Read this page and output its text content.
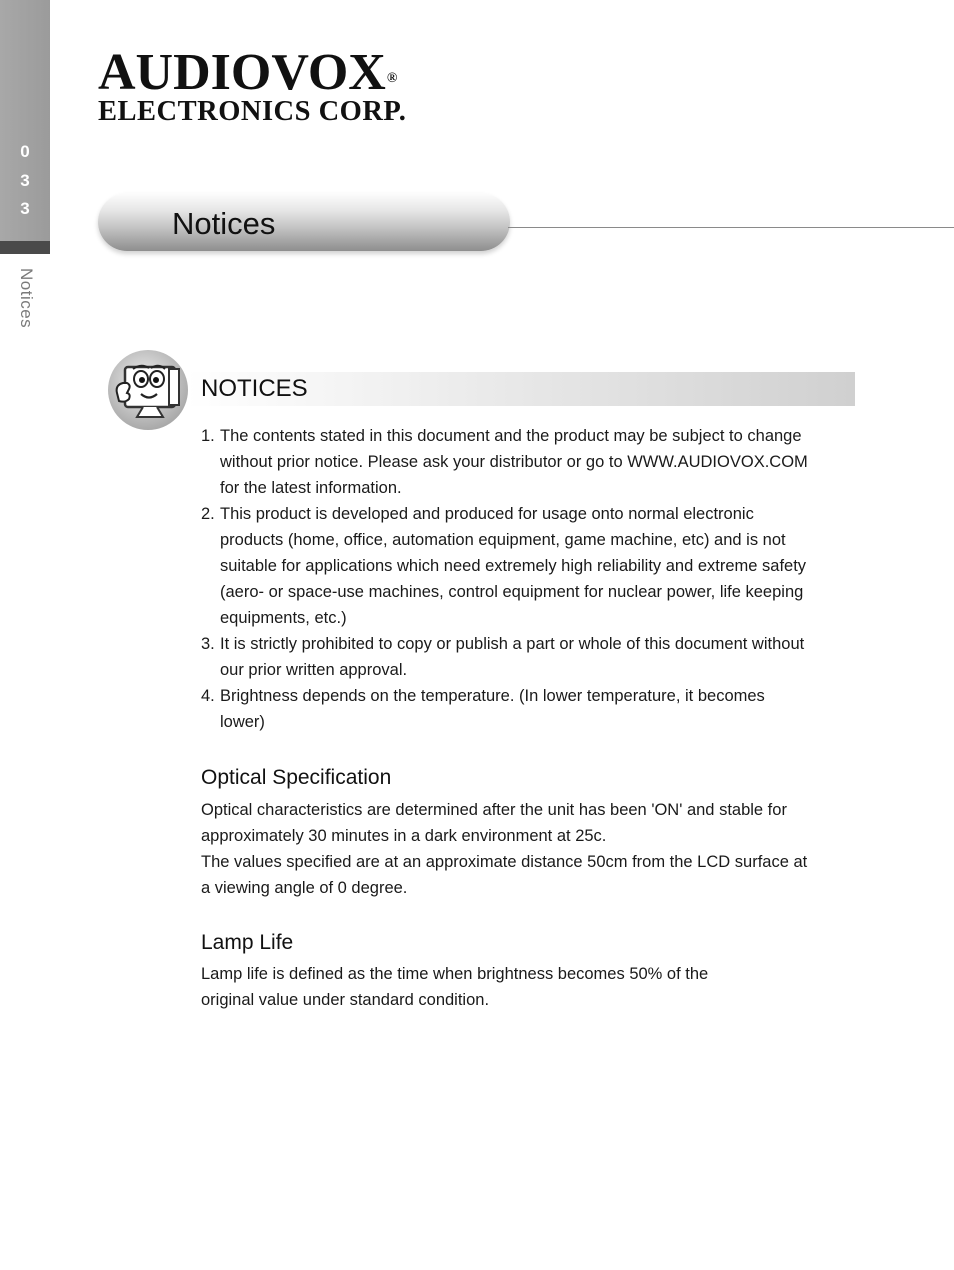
0
3
3
Notices
AUDIOVOX®
ELECTRONICS CORP.
Notices
NOTICES
1. The contents stated in this document and the product may be subject to change
without prior notice. Please ask your distributor or go to WWW.AUDIOVOX.COM
for the latest information.
2. This product is developed and produced for usage onto normal electronic
products (home, office, automation equipment, game machine, etc) and is not
suitable for applications which need extremely high reliability and extreme safety
(aero- or space-use machines, control equipment for nuclear power, life keeping
equipments, etc.)
3. It is strictly prohibited to copy or publish a part or whole of this document without
our prior written approval.
4. Brightness depends on the temperature. (In lower temperature, it becomes
lower)
Optical Specification

Optical characteristics are determined after the unit has been 'ON' and stable for
approximately 30 minutes in a dark environment at 25c.
The values specified are at an approximate distance 50cm from the LCD surface at
a viewing angle of 0 degree.

Lamp Life

Lamp life is defined as the time when brightness becomes 50% of the
original value under standard condition.
